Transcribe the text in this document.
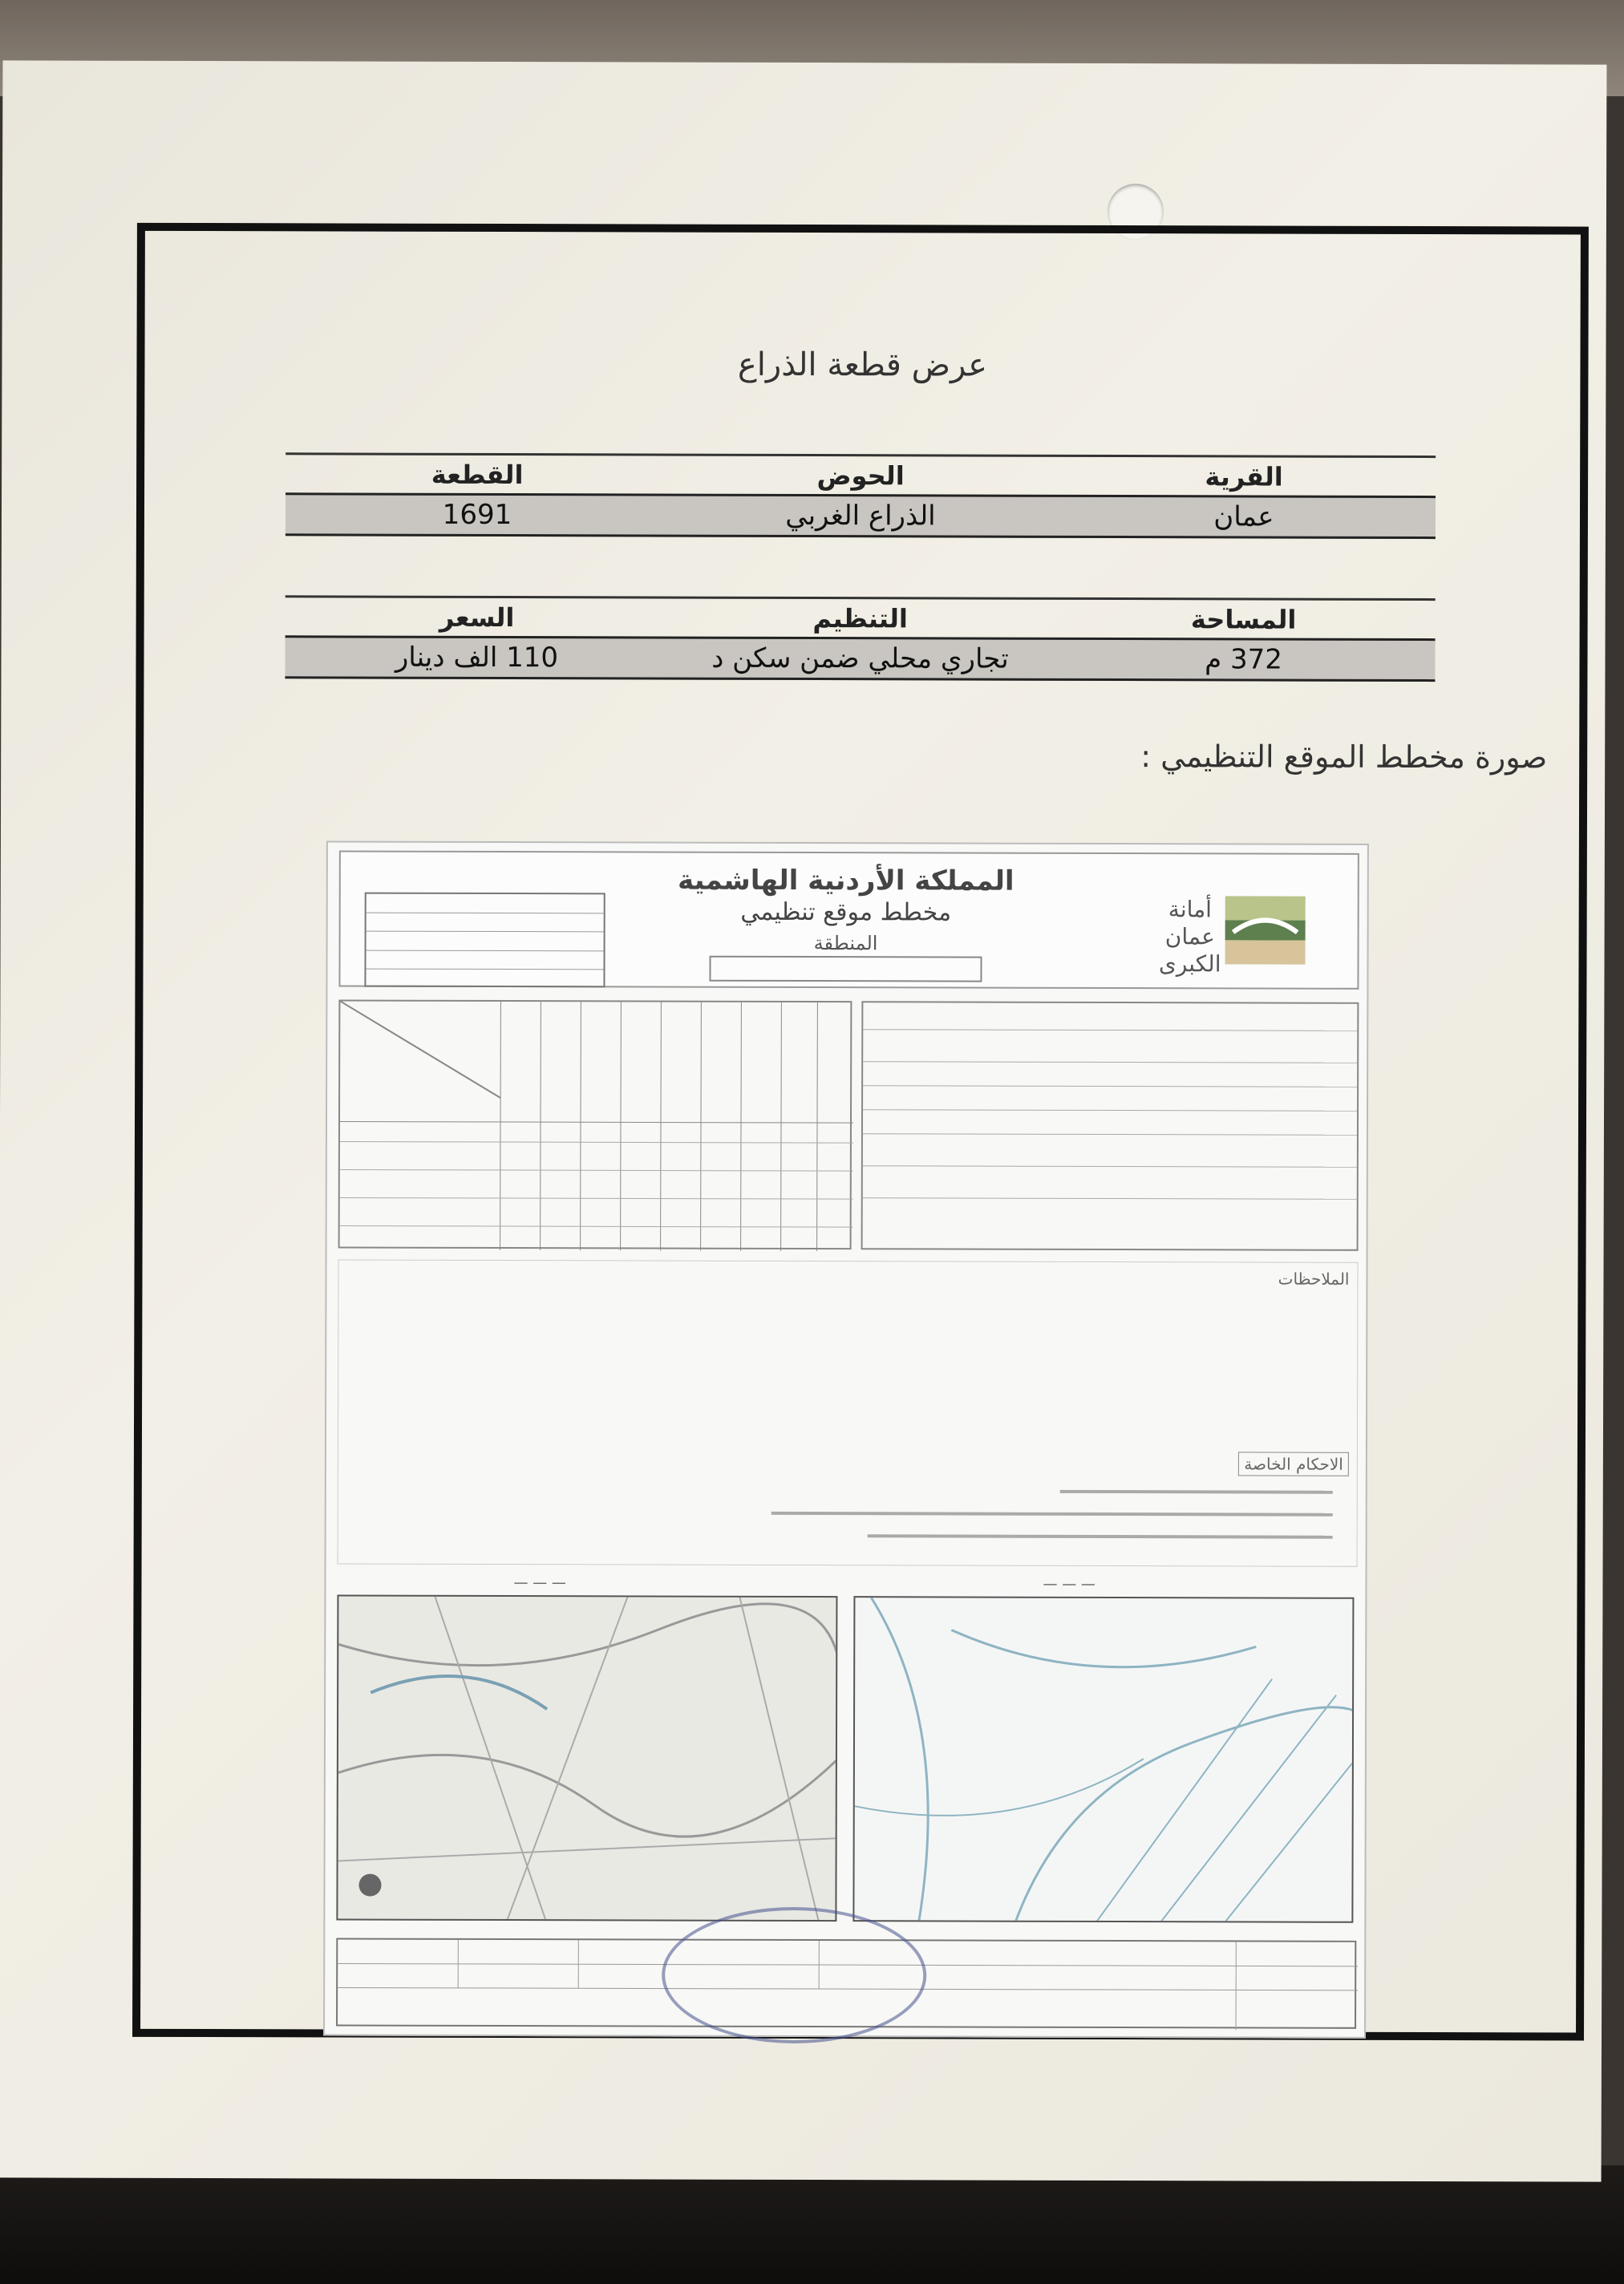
عرض قطعة الذراع
القرية
الحوض
القطعة
عمان
الذراع الغربي
1691
المساحة
التنظيم
السعر
372 م
تجاري محلي ضمن سكن د
110 الف دينار
صورة مخطط الموقع التنظيمي :
المملكة الأردنية الهاشمية
مخطط موقع تنظيمي
المنطقة
أمانة
عمان
الكبرى
الملاحظات
الاحكام الخاصة
— — —	— — —
